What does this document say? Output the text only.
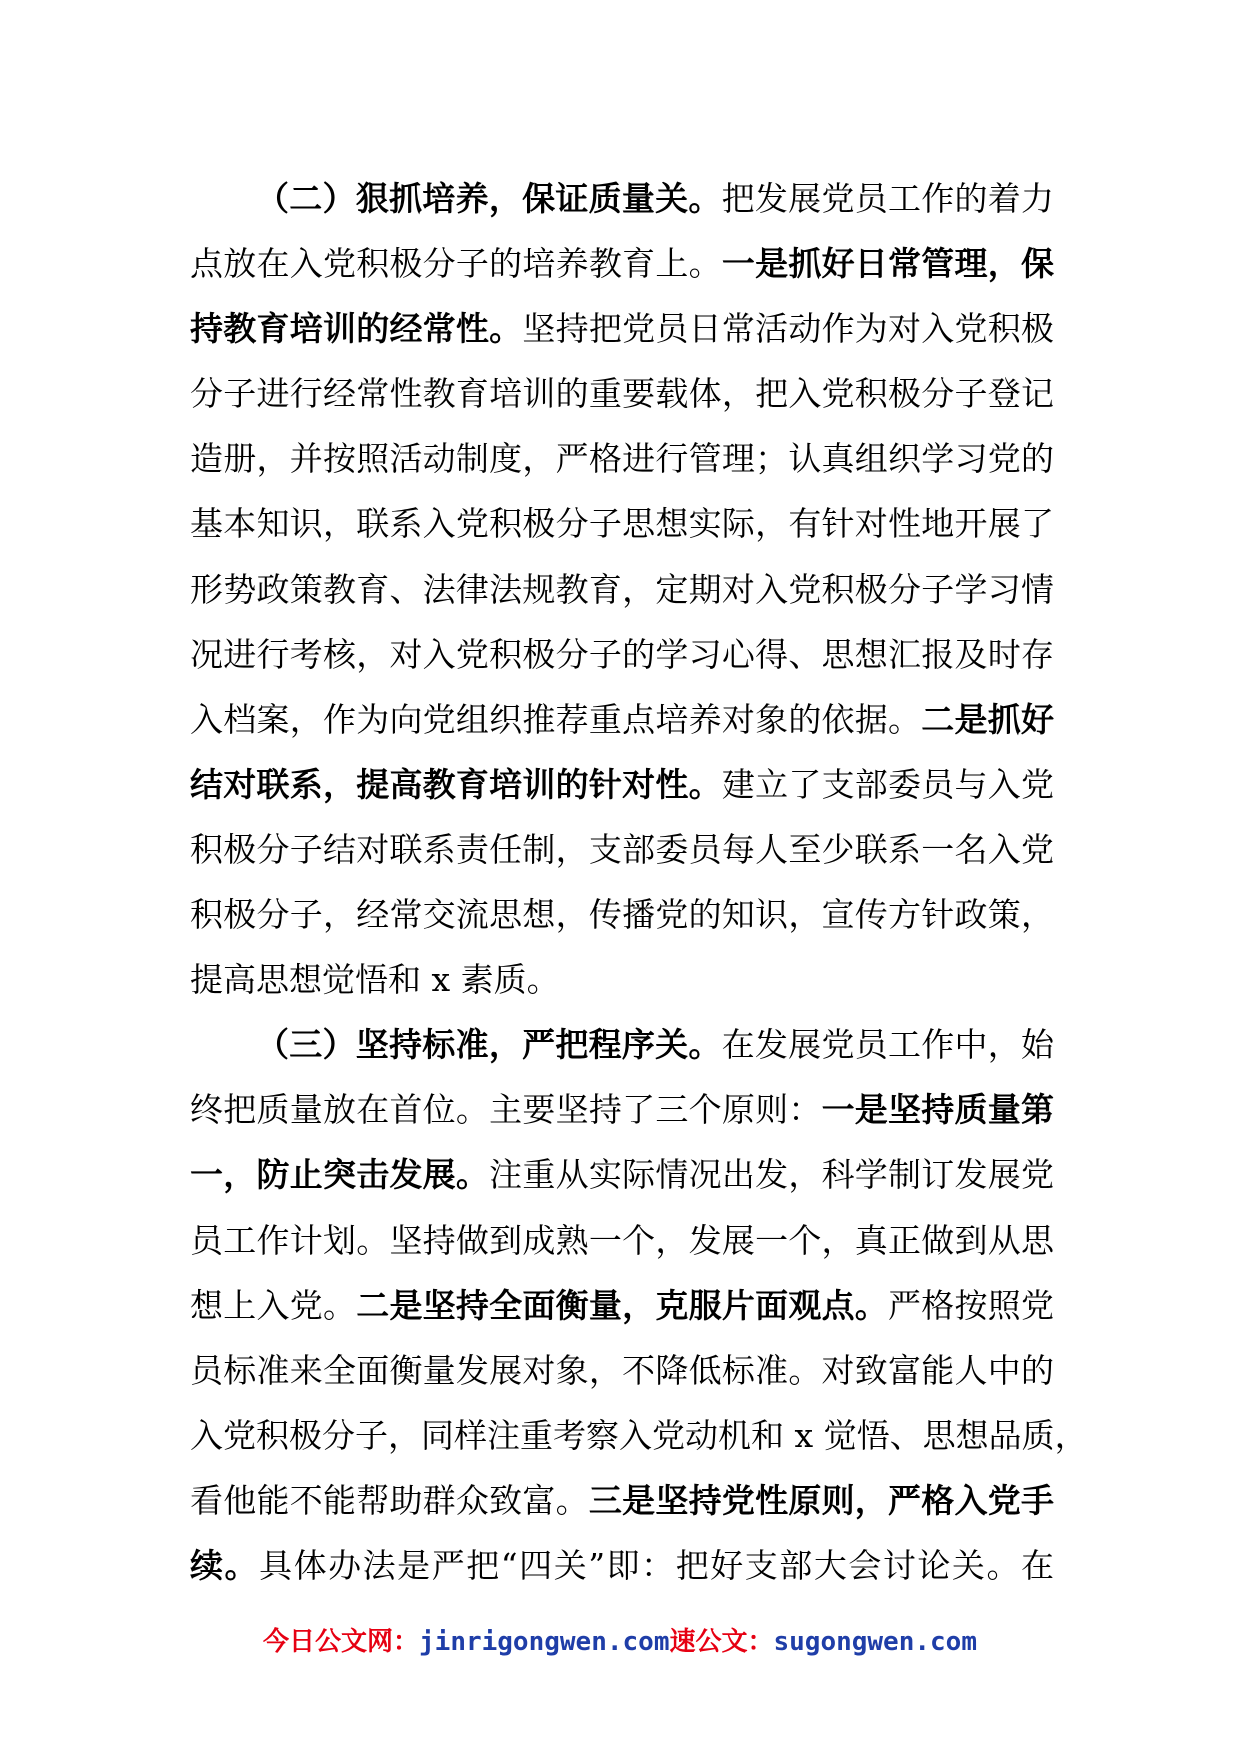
（二）狠抓培养，保证质量关。把发展党员工作的着力
点放在入党积极分子的培养教育上。一是抓好日常管理，保
持教育培训的经常性。坚持把党员日常活动作为对入党积极
分子进行经常性教育培训的重要载体，把入党积极分子登记
造册，并按照活动制度，严格进行管理；认真组织学习党的
基本知识，联系入党积极分子思想实际，有针对性地开展了
形势政策教育、法律法规教育，定期对入党积极分子学习情
况进行考核，对入党积极分子的学习心得、思想汇报及时存
入档案，作为向党组织推荐重点培养对象的依据。二是抓好
结对联系，提高教育培训的针对性。建立了支部委员与入党
积极分子结对联系责任制，支部委员每人至少联系一名入党
积极分子，经常交流思想，传播党的知识，宣传方针政策，
提高思想觉悟和 x 素质。
（三）坚持标准，严把程序关。在发展党员工作中，始
终把质量放在首位。主要坚持了三个原则：一是坚持质量第
一，防止突击发展。注重从实际情况出发，科学制订发展党
员工作计划。坚持做到成熟一个，发展一个，真正做到从思
想上入党。二是坚持全面衡量，克服片面观点。严格按照党
员标准来全面衡量发展对象，不降低标准。对致富能人中的
入党积极分子，同样注重考察入党动机和 x 觉悟、思想品质，
看他能不能帮助群众致富。三是坚持党性原则，严格入党手
续。具体办法是严把“四关”即：把好支部大会讨论关。在
今日公文网：jinrigongwen.com速公文：sugongwen.com
